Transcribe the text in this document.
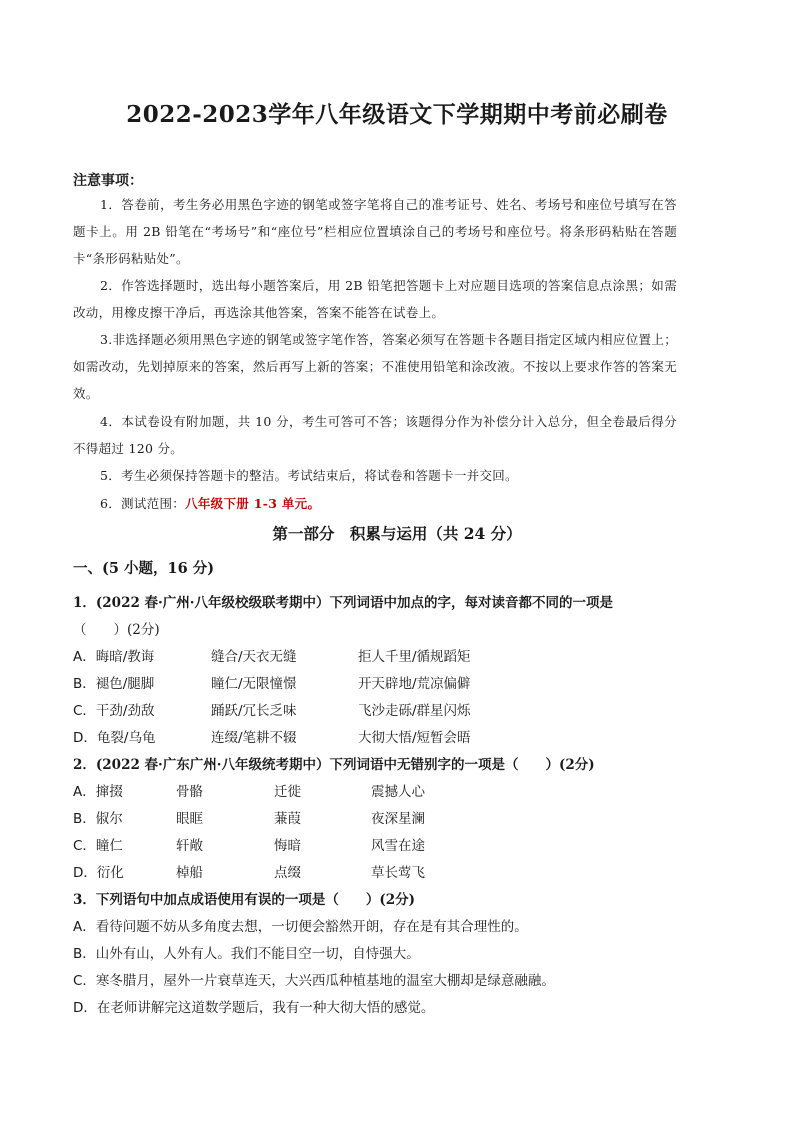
2022-2023学年八年级语文下学期期中考前必刷卷
注意事项：
1．答卷前，考生务必用黑色字迹的钢笔或签字笔将自己的准考证号、姓名、考场号和座位号填写在答题卡上。用 2B 铅笔在“考场号”和“座位号”栏相应位置填涂自己的考场号和座位号。将条形码粘贴在答题卡“条形码粘贴处”。
2．作答选择题时，选出每小题答案后，用 2B 铅笔把答题卡上对应题目选项的答案信息点涂黑；如需改动，用橡皮擦干净后，再选涂其他答案，答案不能答在试卷上。
3.非选择题必须用黑色字迹的钢笔或签字笔作答，答案必须写在答题卡各题目指定区域内相应位置上；如需改动，先划掉原来的答案，然后再写上新的答案；不准使用铅笔和涂改液。不按以上要求作答的答案无效。
4．本试卷设有附加题，共 10 分，考生可答可不答；该题得分作为补偿分计入总分，但全卷最后得分不得超过 120 分。
5．考生必须保持答题卡的整洁。考试结束后，将试卷和答题卡一并交回。
6．测试范围：八年级下册 1-3 单元。
第一部分　积累与运用（共 24 分）
一、(5 小题，16 分)
1．(2022 春·广州·八年级校级联考期中）下列词语中加点的字，每对读音都不同的一项是
（　　）(2分)
A．晦暗/教诲	缝合/天衣无缝	拒人千里/循规蹈矩
B．褪色/腿脚	瞳仁/无限憧憬	开天辟地/荒凉偏僻
C．干劲/劲敌	踊跃/冗长乏味	飞沙走砾/群星闪烁
D．龟裂/乌龟	连缀/笔耕不辍	大彻大悟/短暂会晤
2．(2022 春·广东广州·八年级统考期中）下列词语中无错别字的一项是（　　）(2分)
A．撺掇	骨骼	迁徙	震撼人心
B．俶尔	眼眶	蒹葭	夜深星澜
C．瞳仁	轩敞	悔暗	风雪在途
D．衍化	棹船	点缀	草长莺飞
3．下列语句中加点成语使用有误的一项是（　　）(2分)
A．看待问题不妨从多角度去想，一切便会豁然开朗，存在是有其合理性的。
B．山外有山，人外有人。我们不能目空一切，自恃强大。
C．寒冬腊月，屋外一片衰草连天，大兴西瓜种植基地的温室大棚却是绿意融融。
D．在老师讲解完这道数学题后，我有一种大彻大悟的感觉。
